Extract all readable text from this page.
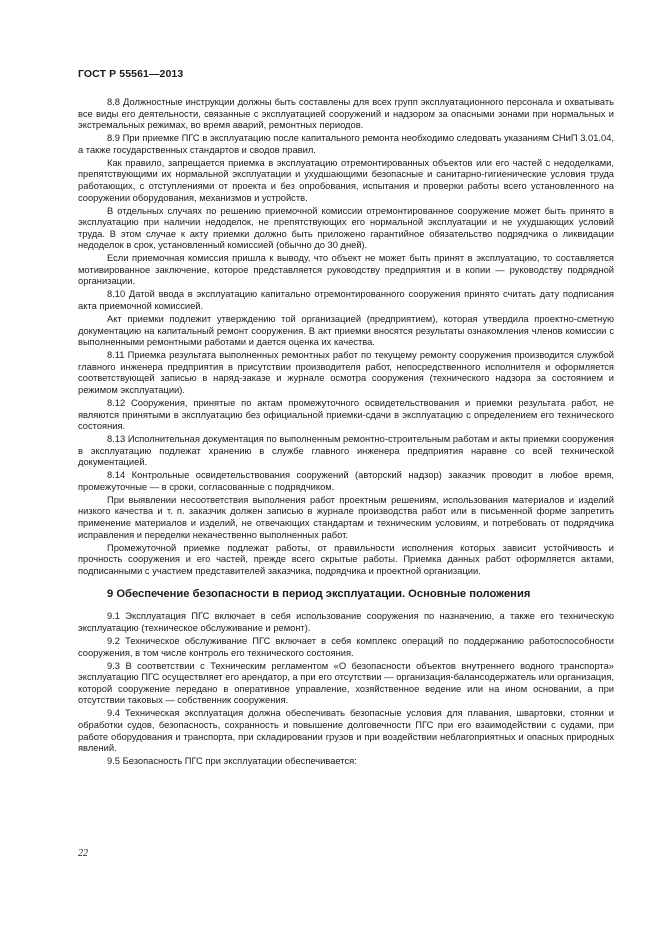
ГОСТ Р 55561—2013

8.8 Должностные инструкции должны быть составлены для всех групп эксплуатационного персонала и охватывать все виды его деятельности, связанные с эксплуатацией сооружений и надзором за опасными зонами при нормальных и экстремальных режимах, во время аварий, ремонтных периодов.

8.9 При приемке ПГС в эксплуатацию после капитального ремонта необходимо следовать указаниям СНиП 3.01.04, а также государственных стандартов и сводов правил.

Как правило, запрещается приемка в эксплуатацию отремонтированных объектов или его частей с недоделками, препятствующими их нормальной эксплуатации и ухудшающими безопасные и санитарно-гигиенические условия труда работающих, с отступлениями от проекта и без опробования, испытания и проверки работы всего установленного на сооружении оборудования, механизмов и устройств.

В отдельных случаях по решению приемочной комиссии отремонтированное сооружение может быть принято в эксплуатацию при наличии недоделок, не препятствующих его нормальной эксплуатации и не ухудшающих условий труда. В этом случае к акту приемки должно быть приложено гарантийное обязательство подрядчика о ликвидации недоделок в срок, установленный комиссией (обычно до 30 дней).

Если приемочная комиссия пришла к выводу, что объект не может быть принят в эксплуатацию, то составляется мотивированное заключение, которое представляется руководству предприятия и в копии — руководству подрядной организации.

8.10 Датой ввода в эксплуатацию капитально отремонтированного сооружения принято считать дату подписания акта приемочной комиссией.

Акт приемки подлежит утверждению той организацией (предприятием), которая утвердила проектно-сметную документацию на капитальный ремонт сооружения. В акт приемки вносятся результаты ознакомления членов комиссии с выполненными ремонтными работами и дается оценка их качества.

8.11 Приемка результата выполненных ремонтных работ по текущему ремонту сооружения производится службой главного инженера предприятия в присутствии производителя работ, непосредственного исполнителя и оформляется соответствующей записью в наряд-заказе и журнале осмотра сооружения (технического надзора за состоянием и режимом эксплуатации).

8.12 Сооружения, принятые по актам промежуточного освидетельствования и приемки результата работ, не являются принятыми в эксплуатацию без официальной приемки-сдачи в эксплуатацию с определением его технического состояния.

8.13 Исполнительная документация по выполненным ремонтно-строительным работам и акты приемки сооружения в эксплуатацию подлежат хранению в службе главного инженера предприятия наравне со всей технической документацией.

8.14 Контрольные освидетельствования сооружений (авторский надзор) заказчик проводит в любое время, промежуточные — в сроки, согласованные с подрядчиком.

При выявлении несоответствия выполнения работ проектным решениям, использования материалов и изделий низкого качества и т. п. заказчик должен записью в журнале производства работ или в письменной форме запретить применение материалов и изделий, не отвечающих стандартам и техническим условиям, и потребовать от подрядчика исправления и переделки некачественно выполненных работ.

Промежуточной приемке подлежат работы, от правильности исполнения которых зависит устойчивость и прочность сооружения и его частей, прежде всего скрытые работы. Приемка данных работ оформляется актами, подписанными с участием представителей заказчика, подрядчика и проектной организации.

9 Обеспечение безопасности в период эксплуатации. Основные положения

9.1 Эксплуатация ПГС включает в себя использование сооружения по назначению, а также его техническую эксплуатацию (техническое обслуживание и ремонт).

9.2 Техническое обслуживание ПГС включает в себя комплекс операций по поддержанию работоспособности сооружения, в том числе контроль его технического состояния.

9.3 В соответствии с Техническим регламентом «О безопасности объектов внутреннего водного транспорта» эксплуатацию ПГС осуществляет его арендатор, а при его отсутствии — организация-балансодержатель или организация, которой сооружение передано в оперативное управление, хозяйственное ведение или на ином основании, а при отсутствии таковых — собственник сооружения.

9.4 Техническая эксплуатация должна обеспечивать безопасные условия для плавания, швартовки, стоянки и обработки судов, безопасность, сохранность и повышение долговечности ПГС при его взаимодействии с судами, при работе оборудования и транспорта, при складировании грузов и при воздействии неблагоприятных и опасных природных явлений.

9.5 Безопасность ПГС при эксплуатации обеспечивается:

22
